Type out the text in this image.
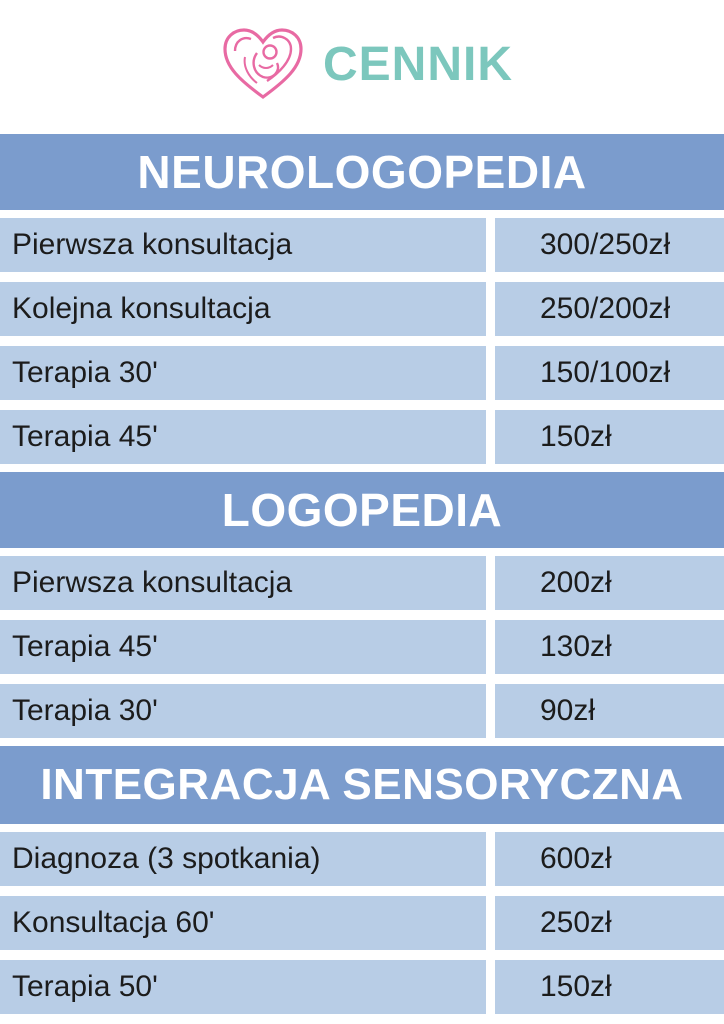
CENNIK
NEUROLOGOPEDIA
Pierwsza konsultacja	300/250zł
Kolejna konsultacja	250/200zł
Terapia 30'	150/100zł
Terapia 45'	150zł
LOGOPEDIA
Pierwsza konsultacja	200zł
Terapia 45'	130zł
Terapia 30'	90zł
INTEGRACJA SENSORYCZNA
Diagnoza (3 spotkania)	600zł
Konsultacja 60'	250zł
Terapia 50'	150zł
